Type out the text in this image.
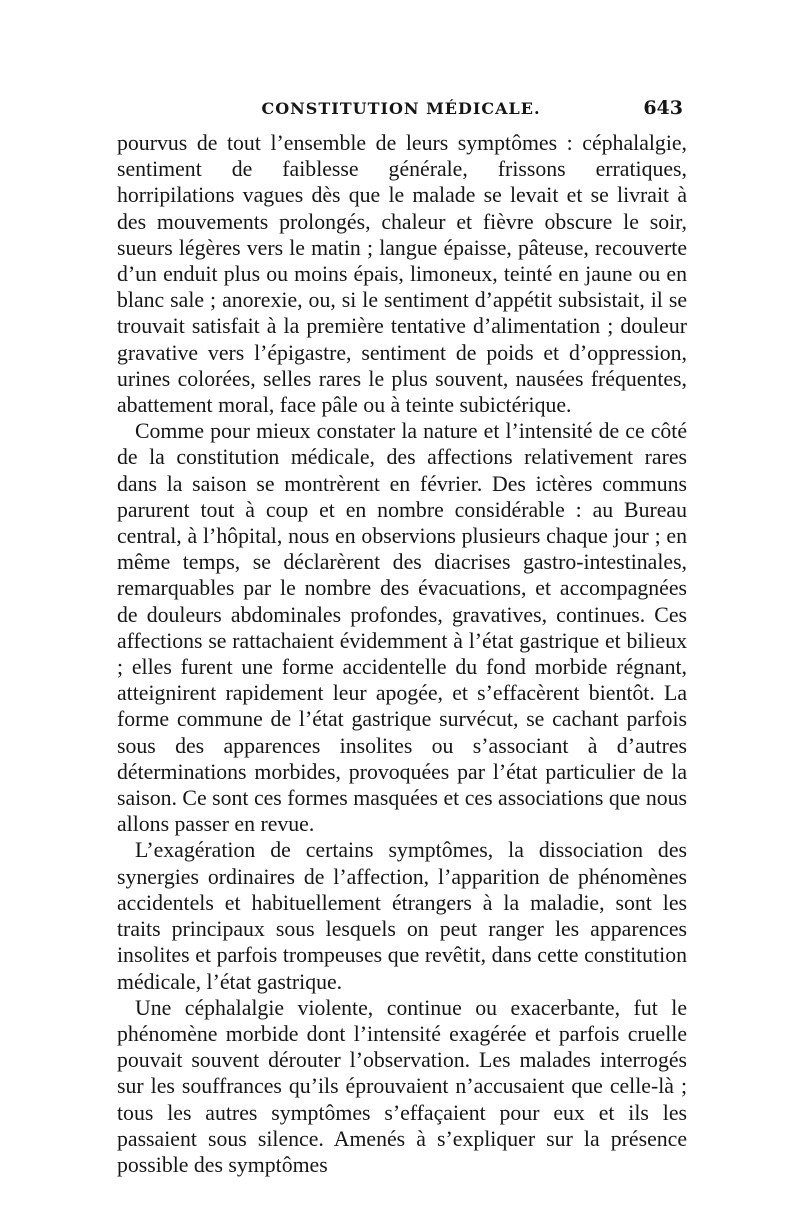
CONSTITUTION MÉDICALE.	643

pourvus de tout l’ensemble de leurs symptômes : céphalalgie, sentiment de faiblesse générale, frissons erratiques, horripilations vagues dès que le malade se levait et se livrait à des mouvements prolongés, chaleur et fièvre obscure le soir, sueurs légères vers le matin ; langue épaisse, pâteuse, recouverte d’un enduit plus ou moins épais, limoneux, teinté en jaune ou en blanc sale ; anorexie, ou, si le sentiment d’appétit subsistait, il se trouvait satisfait à la première tentative d’alimentation ; douleur gravative vers l’épigastre, sentiment de poids et d’oppression, urines colorées, selles rares le plus souvent, nausées fréquentes, abattement moral, face pâle ou à teinte subictérique.

Comme pour mieux constater la nature et l’intensité de ce côté de la constitution médicale, des affections relativement rares dans la saison se montrèrent en février. Des ictères communs parurent tout à coup et en nombre considérable : au Bureau central, à l’hôpital, nous en observions plusieurs chaque jour ; en même temps, se déclarèrent des diacrises gastro-intestinales, remarquables par le nombre des évacuations, et accompagnées de douleurs abdominales profondes, gravatives, continues. Ces affections se rattachaient évidemment à l’état gastrique et bilieux ; elles furent une forme accidentelle du fond morbide régnant, atteignirent rapidement leur apogée, et s’effacèrent bientôt. La forme commune de l’état gastrique survécut, se cachant parfois sous des apparences insolites ou s’associant à d’autres déterminations morbides, provoquées par l’état particulier de la saison. Ce sont ces formes masquées et ces associations que nous allons passer en revue.

L’exagération de certains symptômes, la dissociation des synergies ordinaires de l’affection, l’apparition de phénomènes accidentels et habituellement étrangers à la maladie, sont les traits principaux sous lesquels on peut ranger les apparences insolites et parfois trompeuses que revêtit, dans cette constitution médicale, l’état gastrique.

Une céphalalgie violente, continue ou exacerbante, fut le phénomène morbide dont l’intensité exagérée et parfois cruelle pouvait souvent dérouter l’observation. Les malades interrogés sur les souffrances qu’ils éprouvaient n’accusaient que celle-là ; tous les autres symptômes s’effaçaient pour eux et ils les passaient sous silence. Amenés à s’expliquer sur la présence possible des symptômes
